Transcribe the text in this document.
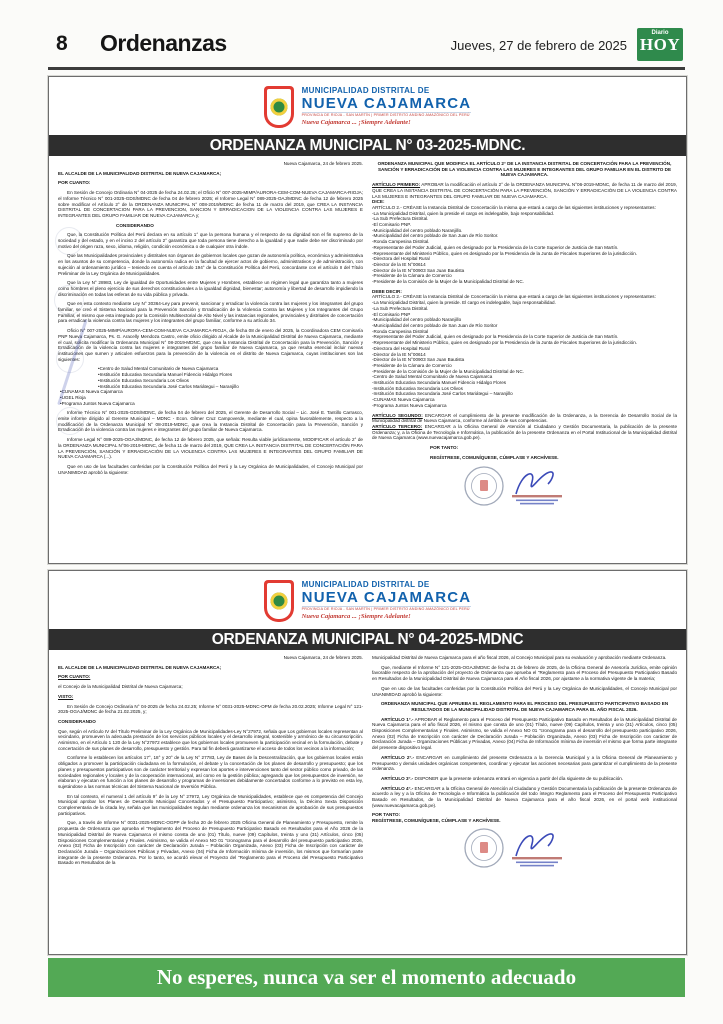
8 Ordenanzas	Jueves, 27 de febrero de 2025
Diario
HOY
MUNICIPALIDAD DISTRITAL DE
NUEVA CAJAMARCA
PROVINCIA DE RIOJA - SAN MARTÍN | PRIMER DISTRITO ANDINO AMAZÓNICO DEL PERÚ
Nueva Cajamarca ... ¡Siempre Adelante!
ORDENANZA MUNICIPAL N° 03-2025-MDNC.

Nueva Cajamarca, 24 de febrero 2025.

EL ALCALDE DE LA MUNICIPALIDAD DISTRITAL DE NUEVA CAJAMARCA;

POR CUANTO:

En Sesión de Concejo Ordinaria N° 04-2025 de fecha 24.02.25; el Oficio N° 007-2025-MIMP/AURORA-CEM-COM-NUEVA CAJAMARCA-RIOJA; el Informe Técnico N° 001-2025-GDS/MDNC de fecha 04 de febrero 2025; el Informe Legal N° 089-2025-OAJ/MDNC de fecha 12 de febrero 2025 sobre modificar el Artículo 2° de la ORDENANZA MUNICIPAL N° 008-2019/MDNC de fecha 11 de marzo del 2019, que CREA LA INSTANCIA DISTRITAL DE CONCERTACION PARA LA PREVENCION, SANCION Y ERRADICACION DE LA VIOLENCIA CONTRA LAS MUJERES E INTEGRANTES DEL GRUPO FAMILIAR DE NUEVA CAJAMARCA y;

CONSIDERANDO

Que, la Constitución Política del Perú declara en su artículo 1° que la persona humana y el respecto de su dignidad son el fin supremo de la sociedad y del estado, y en el inciso 2 del artículo 2° garantiza que toda persona tiene derecho a la igualdad y que nadie debe ser discriminado por motivo del origen raza, sexo, idioma, religión, condición económica o de cualquier otra índole.

Que las Municipalidades provinciales y distritales son órganos de gobiernos locales que gozan de autonomía política, económica y administrativa en los asuntos de su competencia, donde la autonomía radica en la facultad de ejercer actos de gobierno, administrativos y de administración, con sujeción al ordenamiento jurídico – teniendo en cuenta el artículo 194° de la Constitución Política del Perú, concordante con el artículo II del Título Preliminar de la Ley Orgánica de Municipalidades.

Que la Ley N° 28983, Ley de igualdad de Oportunidades entre Mujeres y Hombres, establece un régimen legal que garantiza tanto a mujeres como hombres el pleno ejercicio de sus derechos constitucionales a la igualdad dignidad, bienestar; autonomía y libertad de desarrollo impidiendo la discriminación en todas las esferas de su vida pública y privada.

Que en esta contexto mediante Ley N° 30364-Ley para prevenir, sancionar y erradicar la violencia contra las mujeres y los integrantes del grupo familiar, se creó el Sistema Nacional para la Prevención Sanción y Erradicación de la Violencia Contra las Mujeres y los Integrantes del Grupo Familiar, el mismo que esta integrado por la Comisión Multisectorial de Alto Nivel y las instancias regionales, provinciales y distritales de concertación para erradicar la violencia contra las mujeres y los integrantes del grupo familiar, conforme a su artículo 34.

Oficio N° 007-2025-MIMP/AURORA-CEM-COM-NUEVA CAJAMARCA-RIOJA, de fecha 08 de enero del 2025, la Coordinadora CEM Comisaría PNP Nueva Cajamarca, Ps. G. Aracelly Mendoza Castro, emite oficio dirigido al Alcalde de la Municipalidad Distrital de Nueva Cajamarca, mediante el cual, solicita modificar la Ordenanza Municipal N° 08-2019-MDNC, que crea la Instancia Distrital de Concertación para la Prevención, Sanción y Erradicación de la violencia contra las mujeres e integrantes del grupo familiar de Nueva Cajamarca, ya que resulta esencial incluir nuevas instituciones que sumen y articulen esfuerzos para la prevención de la violencia en el distrito de Nueva Cajamarca, cuyas instituciones son las siguientes:

•Centro de Salud Mental Comunitario de Nueva Cajamarca

•Institución Educativa Secundaria Manuel Fidencio Hidalgo Flores

•Institución Educativa Secundaria Los Olivos

•Institución Educativa Secundaria José Carlos Mariátegui – Naranjillo

•CUNAMAS Nueva Cajamarca

•UGEL Rioja

•Programa Juntos Nueva Cajamarca

Informe Técnico N° 001-2025-GDS/MDNC, de fecha 04 de febrero del 2025, el Gerente de Desarrollo Social – Lic. José E. Tantillo Carrasco, emite informe dirigido al Gerente Municipal – MDNC - Econ. Gilmer Cruz Campoverde, mediante el cual, opina favorablemente, respecto a la modificación de la Ordenanza Municipal N° 08-2019-MDNC, que crea la Instancia Distrital de Concertación para la Prevención, Sanción y Erradicación de la violencia contra las mujeres e integrantes del grupo familiar de Nueva Cajamarca.

Informe Legal N° 089-2025-OGAJ/MDNC, de fecha 12 de febrero 2025, que señala: Resulta viable jurídicamente, MODIFICAR el artículo 2° de la ORDENANZA MUNICIPAL N°06-2019-MDNC, de fecha 11 de marzo del 2019, QUE CREA LA INSTANCIA DISTRITAL DE CONCERTACIÓN PARA LA PREVENCIÓN, SANCIÓN Y ERRADICACIÓN DE LA VIOLENCIA CONTRA LAS MUJERES E INTEGRANTES DEL GRUPO FAMILIAR DE NUEVA CAJAMARCA (...).

Que en uso de las facultades conferidas por la Constitución Política del Perú y la Ley Orgánica de Municipalidades, el Concejo Municipal por UNANIMIDAD aprobó la siguiente:

ORDENANZA MUNICIPAL QUE MODIFICA EL ARTÍCULO 2° DE LA INSTANCIA DISTRITAL DE CONCERTACIÓN PARA LA PREVENCIÓN, SANCIÓN Y ERRADICACIÓN DE LA VIOLENCIA CONTRA LAS MUJERES E INTEGRANTES DEL GRUPO FAMILIAR EN EL DISTRITO DE NUEVA CAJAMARCA.

ARTÍCULO PRIMERO: APROBAR la modificación el artículo 2° de la ORDENANZA MUNICIPAL N°06-2019-MDNC, de fecha 11 de marzo del 2019, QUE CREA LA INSTANCIA DISTRITAL DE CONCERTACIÓN PARA LA PREVENCIÓN, SANCIÓN Y ERRADICACIÓN DE LA VIOLENCIA CONTRA LAS MUJERES E INTEGRANTES DEL GRUPO FAMILIAR DE NUEVA CAJAMARCA.

DICE:

ARTÍCULO 2.- CRÉASE la Instancia Distrital de Concertación la misma que estará a cargo de las siguientes instituciones y representantes:

-La Municipalidad Distrital, quien la preside el cargo es indelegable, bajo responsabilidad.

-La Sub Prefectura Distrital.

-El Comisario PNP.

-Municipalidad del centro poblado Naranjillo.

-Municipalidad del centro poblado de San Juan de Río Soritor.

-Ronda Campesina Distrital.

-Representante del Poder Judicial, quien es designado por la Presidencia de la Corte Superior de Justicia de San Martín.

-Representante del Ministerio Público, quien es designado por la Presidencia de la Junta de Fiscales Superiores de la jurisdicción.

-Directora del Hospital Rural

-Director de la IE N°00614

-Director de la IE N°00903 San Juan Bautista

-Presidente de la Cámara de Comercio

-Presidente de la Comisión de la Mujer de la Municipalidad Distrital de NC.

DEBE DECIR:

ARTÍCULO 2.- CRÉASE la Instancia Distrital de Concertación la misma que estará a cargo de las siguientes instituciones y representantes:

-La Municipalidad Distrital, quien la preside. El cargo es indelegable, bajo responsabilidad.

-La Sub Prefectura Distrital.

-El Comisario PNP

-Municipalidad del centro poblado Naranjillo

-Municipalidad del centro poblado de San Juan de Río Soritor

-Ronda Campesina Distrital

-Representante del Poder Judicial, quien es designado por la Presidencia de la Corte Superior de Justicia de San Martín.

-Representante del Ministerio Público, quien es designado por la Presidencia de la Junta de Fiscales Superiores de la jurisdicción.

-Directora del Hospital Rural

-Director de la IE N°00614

-Director de la IE N°00903 San Juan Bautista

-Presidente de la Cámara de Comercio

-Presidente de la Comisión de la Mujer de la Municipalidad Distrital de NC.

-Centro de Salud Mental Comunitario de Nueva Cajamarca

-Institución Educativa Secundaria Manuel Fidencio Hidalgo Flores

-Institución Educativa Secundaria Los Olivos

-Institución Educativa Secundaria José Carlos Mariátegui – Naranjillo

-CUNAMAS Nueva Cajamarca

-Programa Juntos Nueva Cajamarca

ARTÍCULO SEGUNDO: ENCARGAR el cumplimiento de la presente modificación de la Ordenanza, a la Gerencia de Desarrollo Social de la Municipalidad distrital de Nueva Cajamarca, conforme al ámbito de sus competencias.

ARTÍCULO TERCERO: ENCARGAR a la Oficina General de Atención al Ciudadano y Gestión Documentaria, la publicación de la presente Ordenanza; y, a la Oficina de Tecnología e Informática, la publicación de la presente Ordenanza en el Portal Institucional de la Municipalidad distrital de Nueva Cajamarca (www.nuevacajamarca.gob.pe).

POR TANTO:

REGÍSTRESE, COMUNÍQUESE, CÚMPLASE Y ARCHÍVESE.

MUNICIPALIDAD DISTRITAL DE
NUEVA CAJAMARCA
PROVINCIA DE RIOJA - SAN MARTÍN | PRIMER DISTRITO ANDINO AMAZÓNICO DEL PERÚ
Nueva Cajamarca ... ¡Siempre Adelante!
ORDENANZA MUNICIPAL N° 04-2025-MDNC

Nueva Cajamarca, 24 de febrero 2025.

EL ALCALDE DE LA MUNICIPALIDAD DISTRITAL DE NUEVA CAJAMARCA;

POR CUANTO:

el Concejo de la Municipalidad Distrital de Nueva Cajamarca;

VISTO:

En Sesión de Concejo Ordinaria N° 04-2025 de fecha 24.02.25; Informe N° 0031-2025-MDNC-OPM de fecha 20.02.2025; Informe Legal N° 121-2025-OGAJ/MDNC de fecha 21.02.2025, y;

CONSIDERANDO

Que, según el Artículo IV del Título Preliminar de la Ley Orgánica de Municipalidades-Ley N°27972, señala que Los gobiernos locales representan al vecindario, promueven la adecuada prestación de los servicios públicos locales y el desarrollo integral, sostenible y armónico de su circunscripción. Asimismo, en el Artículo 1 120 de la Ley N°27972 establece que los gobiernos locales promueven la participación vecinal en la formulación, debate y concertación de sus planes de desarrollo, presupuesto y gestión. Para tal fin deberá garantizarse el acceso de todos los vecinos a la información;

Conforme lo establecen los artículos 17°, 18° y 20° de la Ley N° 27783, Ley de Bases de la Descentralización, que los gobiernos locales están obligados a promover la participación ciudadana en la formulación, el debate y la concertación de los planes de desarrollo y presupuesto; que los planes y presupuestos participativos son de carácter territorial y expresan los aportes e intervenciones tanto del sector público como privado, de las sociedades regionales y locales y de la cooperación internacional, así como en la gestión pública; agregando que los presupuestos de inversión, se elaboran y ejecutan en función a los planes de desarrollo y programas de inversiones debidamente concertados conforme a lo previsto en esta ley, sujetándose a las normas técnicas del Sistema Nacional de Inversión Pública.

En tal contexto, el numeral 1 del artículo 9° de la Ley N° 27972, Ley Orgánica de Municipalidades, establece que es competencia del Concejo Municipal aprobar los Planes de Desarrollo Municipal Concertados y el Presupuesto Participativo; asimismo, la Décimo Sexta Disposición Complementaria de la citada ley, señala que las municipalidades regulan mediante ordenanza los mecanismos de aprobación de sus presupuestos participativos.

Que, a través de Informe N° 0031-2025-MDNC-OGPP de fecha 20 de febrero 2025 Oficina General de Planeamiento y Presupuesto, remite la propuesta de Ordenanza que aprueba el "Reglamento del Proceso de Presupuesto Participativo Basado en Resultados para el Año 2026 de la Municipalidad Distrital de Nueva Cajamarca el mismo consta de uno (01) Título, nueve (09) Capítulos, treinta y uno (31) Artículos, cinco (05) Disposiciones Complementarias y Finales. Asimismo, se valida el Anexo NO 01 "cronograma para el desarrollo del presupuesto participativo 2026, Anexo (02) Ficha de Inscripción con carácter de Declaración Jurada – Población Organizada, Anexo (03) Ficha de Inscripción con carácter de Declaración Jurada – Organizaciones Públicas y Privadas, Anexo (04) Ficha de Información mínima de inversión, los mismos que formarían parte integrante de la presente Ordenanza. Por lo tanto, se acordó elevar el Proyecto del "Reglamento para el Proceso del Presupuesto Participativo Basado en Resultados de la

Municipalidad Distrital de Nueva Cajamarca para el año fiscal 2026, al Concejo Municipal para su evaluación y aprobación mediante Ordenanza.

Que, mediante el Informe N° 121-2025-OGAJ/MDNC de fecha 21 de febrero de 2025, de la Oficina General de Asesoría Jurídica, emite opinión favorable respecto de la aprobación del proyecto de Ordenanza que aprueba el "Reglamento para el Proceso del Presupuesto Participativo Basado en Resultados de la Municipalidad Distrital de Nueva Cajamarca para el Año fiscal 2026, por ajustarse a la normativa vigente de la materia;

Que en uso de las facultades conferidas por la Constitución Política del Perú y la Ley Orgánica de Municipalidades, el Concejo Municipal por UNANIMIDAD aprobó la siguiente:

ORDENANZA MUNICIPAL QUE APRUEBA EL REGLAMENTO PARA EL PROCESO DEL PRESUPUESTO PARTICIPATIVO BASADO EN RESULTADOS DE LA MUNICIPALIDAD DISTRITAL DE NUEVA CAJAMARCA PARA EL AÑO FISCAL 2026.

ARTÍCULO 1°.- APROBAR el Reglamento para el Proceso del Presupuesto Participativo Basado en Resultados de la Municipalidad Distrital de Nueva Cajamarca para el año fiscal 2026, el mismo que consta de uno (01) Título, nueve (09) Capítulos, treinta y uno (31) Artículos, cinco (05) Disposiciones Complementarias y Finales. Asimismo, se valida el Anexo NO 01 "cronograma para el desarrollo del presupuesto participativo 2026, Anexo (02) Ficha de Inscripción con carácter de Declaración Jurada – Población Organizada, Anexo (03) Ficha de Inscripción con carácter de Declaración Jurada – Organizaciones Públicas y Privadas, Anexo (04) Ficha de Información mínima de inversión el mismo que forma parte integrante del presente dispositivo legal.

ARTÍCULO 2°.- ENCARGAR en cumplimiento del presente Ordenanza a la Gerencia Municipal y a la Oficina General de Planeamiento y Presupuesto y demás unidades orgánicas competentes, coordinar y ejecutar las acciones necesarias para garantizar el cumplimiento de la presente ordenanza.

ARTÍCULO 3°.- DISPONER que la presente ordenanza entrará en vigencia a partir del día siguiente de su publicación.

ARTÍCULO 4°.- ENCARGAR a la Oficina General de Atención al Ciudadano y Gestión Documentaria la publicación de la presente Ordenanza de acuerdo a ley y a la Oficina de Tecnología e Informática la publicación del todo íntegro Reglamento para el Proceso del Presupuesto Participativo Basado en Resultados, de la Municipalidad Distrital de Nueva Cajamarca para el año fiscal 2026, en el portal web institucional (www.nuevacajamarca.gob.pe).

POR TANTO:

REGÍSTRESE, COMUNÍQUESE, CÚMPLASE Y ARCHÍVESE.

No esperes, nunca va ser el momento adecuado
